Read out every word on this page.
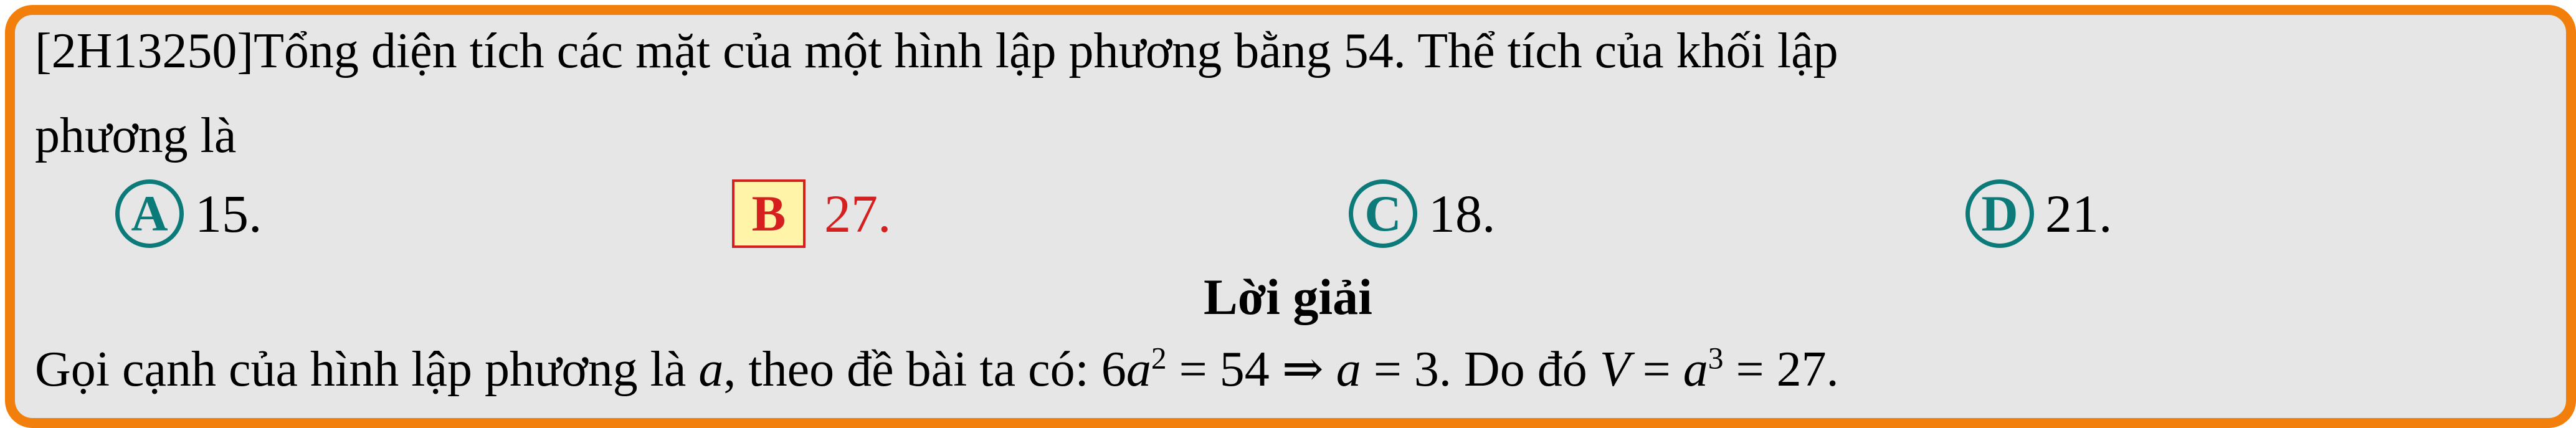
[2H13250]Tổng diện tích các mặt của một hình lập phương bằng 54. Thể tích của khối lập
phương là
A 15.	B 27.	C 18.	D 21.
Lời giải
Gọi cạnh của hình lập phương là a, theo đề bài ta có: $6a^2 = 54$ ⇒ a = 3. Do đó $V = a^3 = 27$.
